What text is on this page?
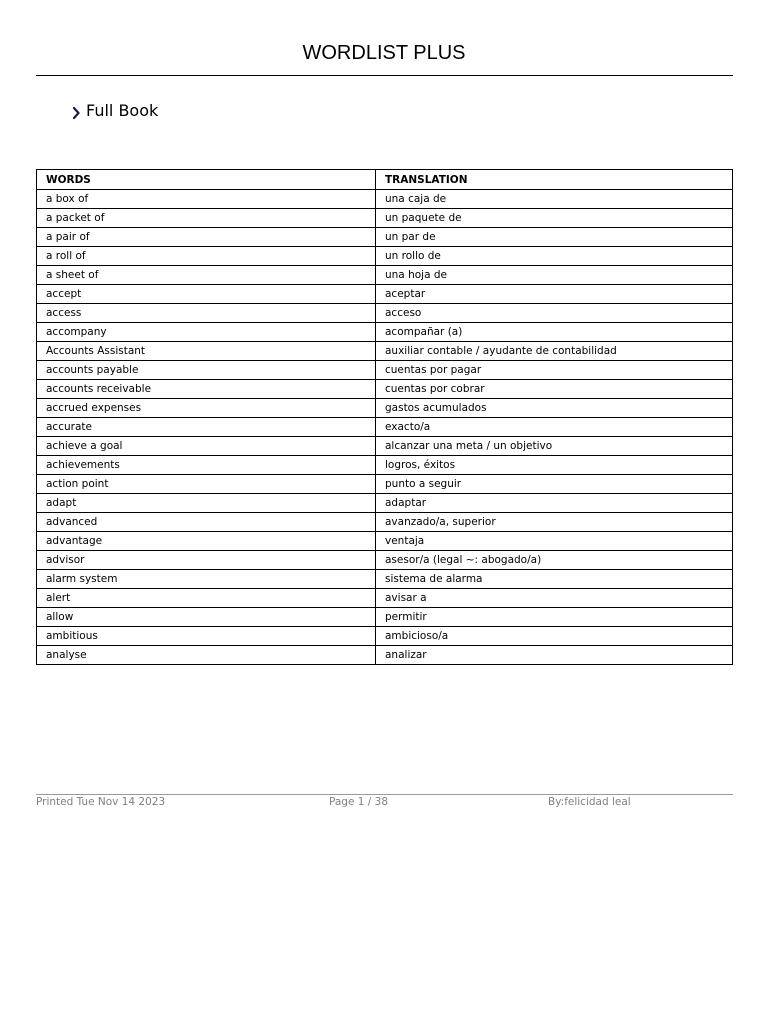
WORDLIST PLUS
Full Book
WORDS	TRANSLATION
a box of	una caja de
a packet of	un paquete de
a pair of	un par de
a roll of	un rollo de
a sheet of	una hoja de
accept	aceptar
access	acceso
accompany	acompañar (a)
Accounts Assistant	auxiliar contable / ayudante de contabilidad
accounts payable	cuentas por pagar
accounts receivable	cuentas por cobrar
accrued expenses	gastos acumulados
accurate	exacto/a
achieve a goal	alcanzar una meta / un objetivo
achievements	logros, éxitos
action point	punto a seguir
adapt	adaptar
advanced	avanzado/a, superior
advantage	ventaja
advisor	asesor/a (legal ~: abogado/a)
alarm system	sistema de alarma
alert	avisar a
allow	permitir
ambitious	ambicioso/a
analyse	analizar
Printed Tue Nov 14 2023	Page 1 / 38	By:felicidad leal
